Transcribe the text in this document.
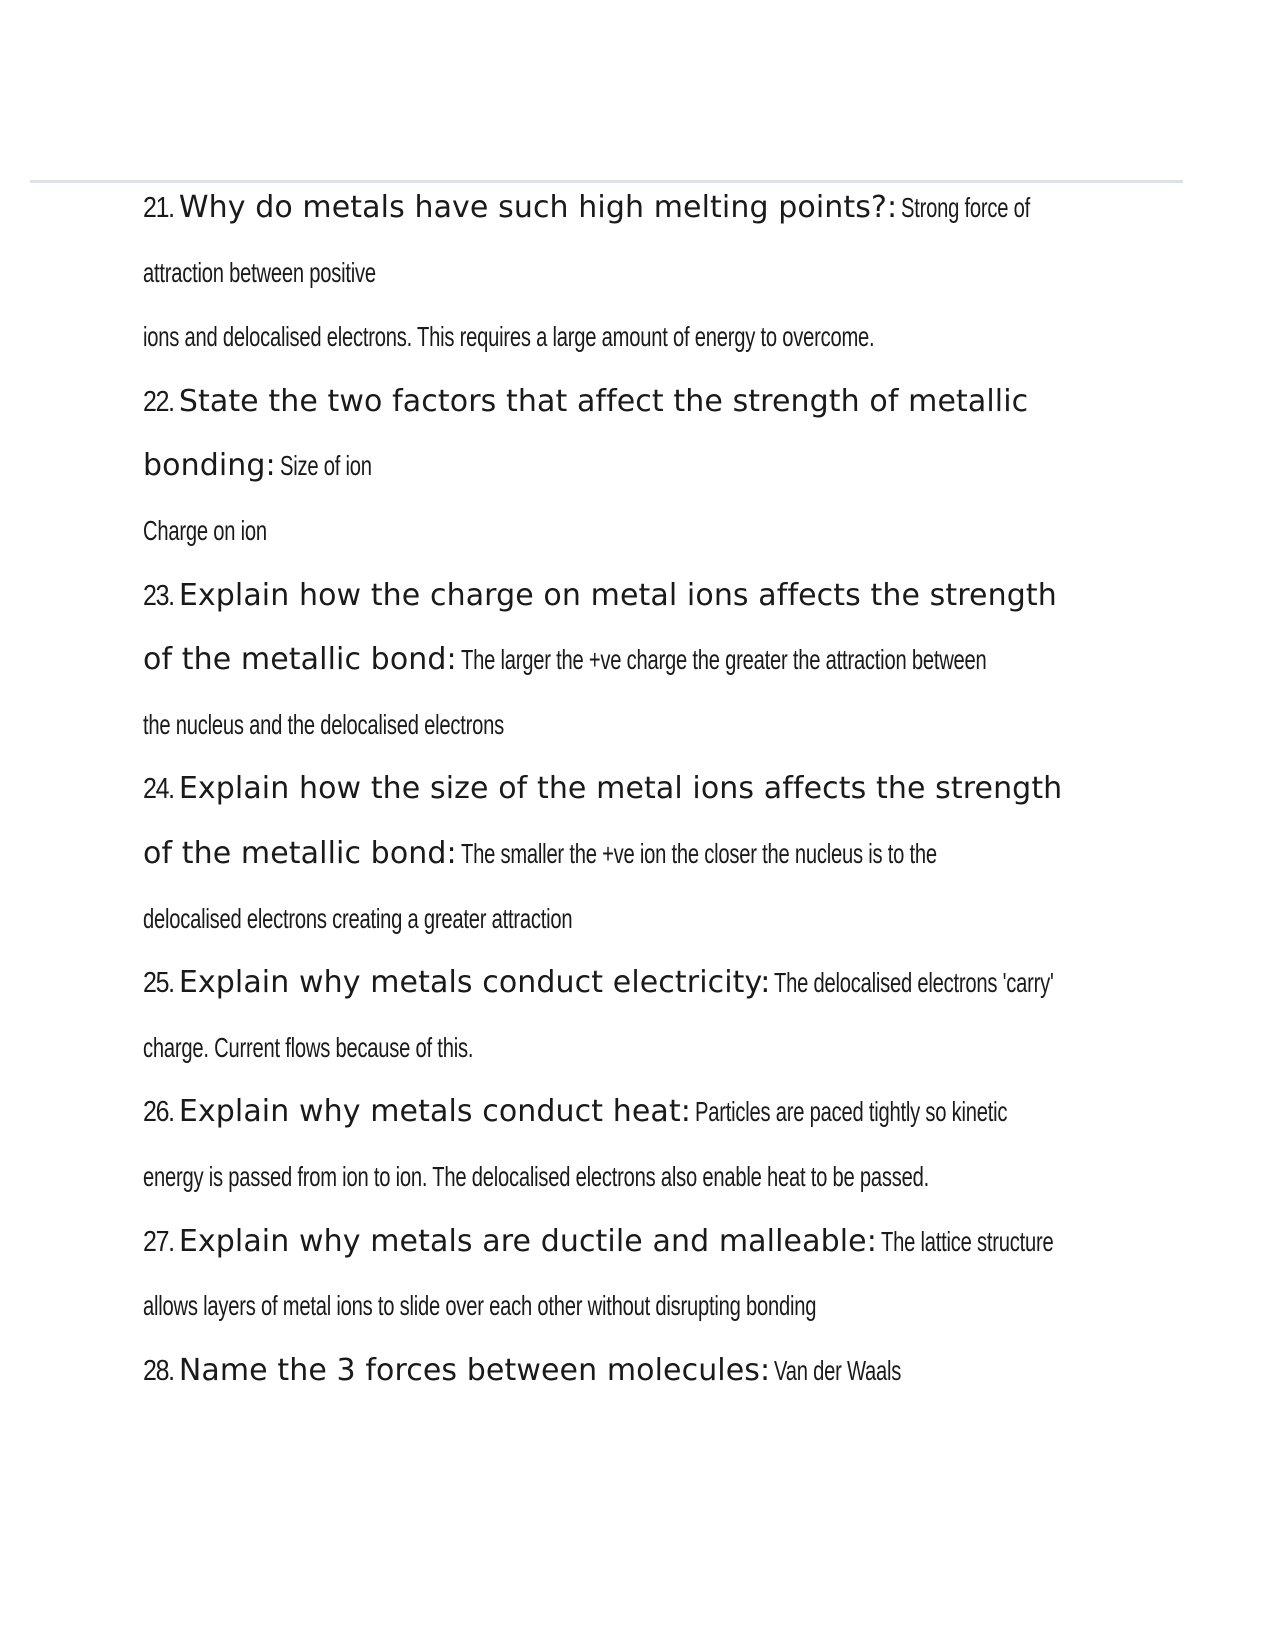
21. Why do metals have such high melting points?: Strong force of
attraction between positive
ions and delocalised electrons. This requires a large amount of energy to overcome.
22. State the two factors that affect the strength of metallic
bonding: Size of ion
Charge on ion
23. Explain how the charge on metal ions affects the strength
of the metallic bond: The larger the +ve charge the greater the attraction between
the nucleus and the delocalised electrons
24. Explain how the size of the metal ions affects the strength
of the metallic bond: The smaller the +ve ion the closer the nucleus is to the
delocalised electrons creating a greater attraction
25. Explain why metals conduct electricity: The delocalised electrons 'carry'
charge. Current flows because of this.
26. Explain why metals conduct heat: Particles are paced tightly so kinetic
energy is passed from ion to ion. The delocalised electrons also enable heat to be passed.
27. Explain why metals are ductile and malleable: The lattice structure
allows layers of metal ions to slide over each other without disrupting bonding
28. Name the 3 forces between molecules: Van der Waals
